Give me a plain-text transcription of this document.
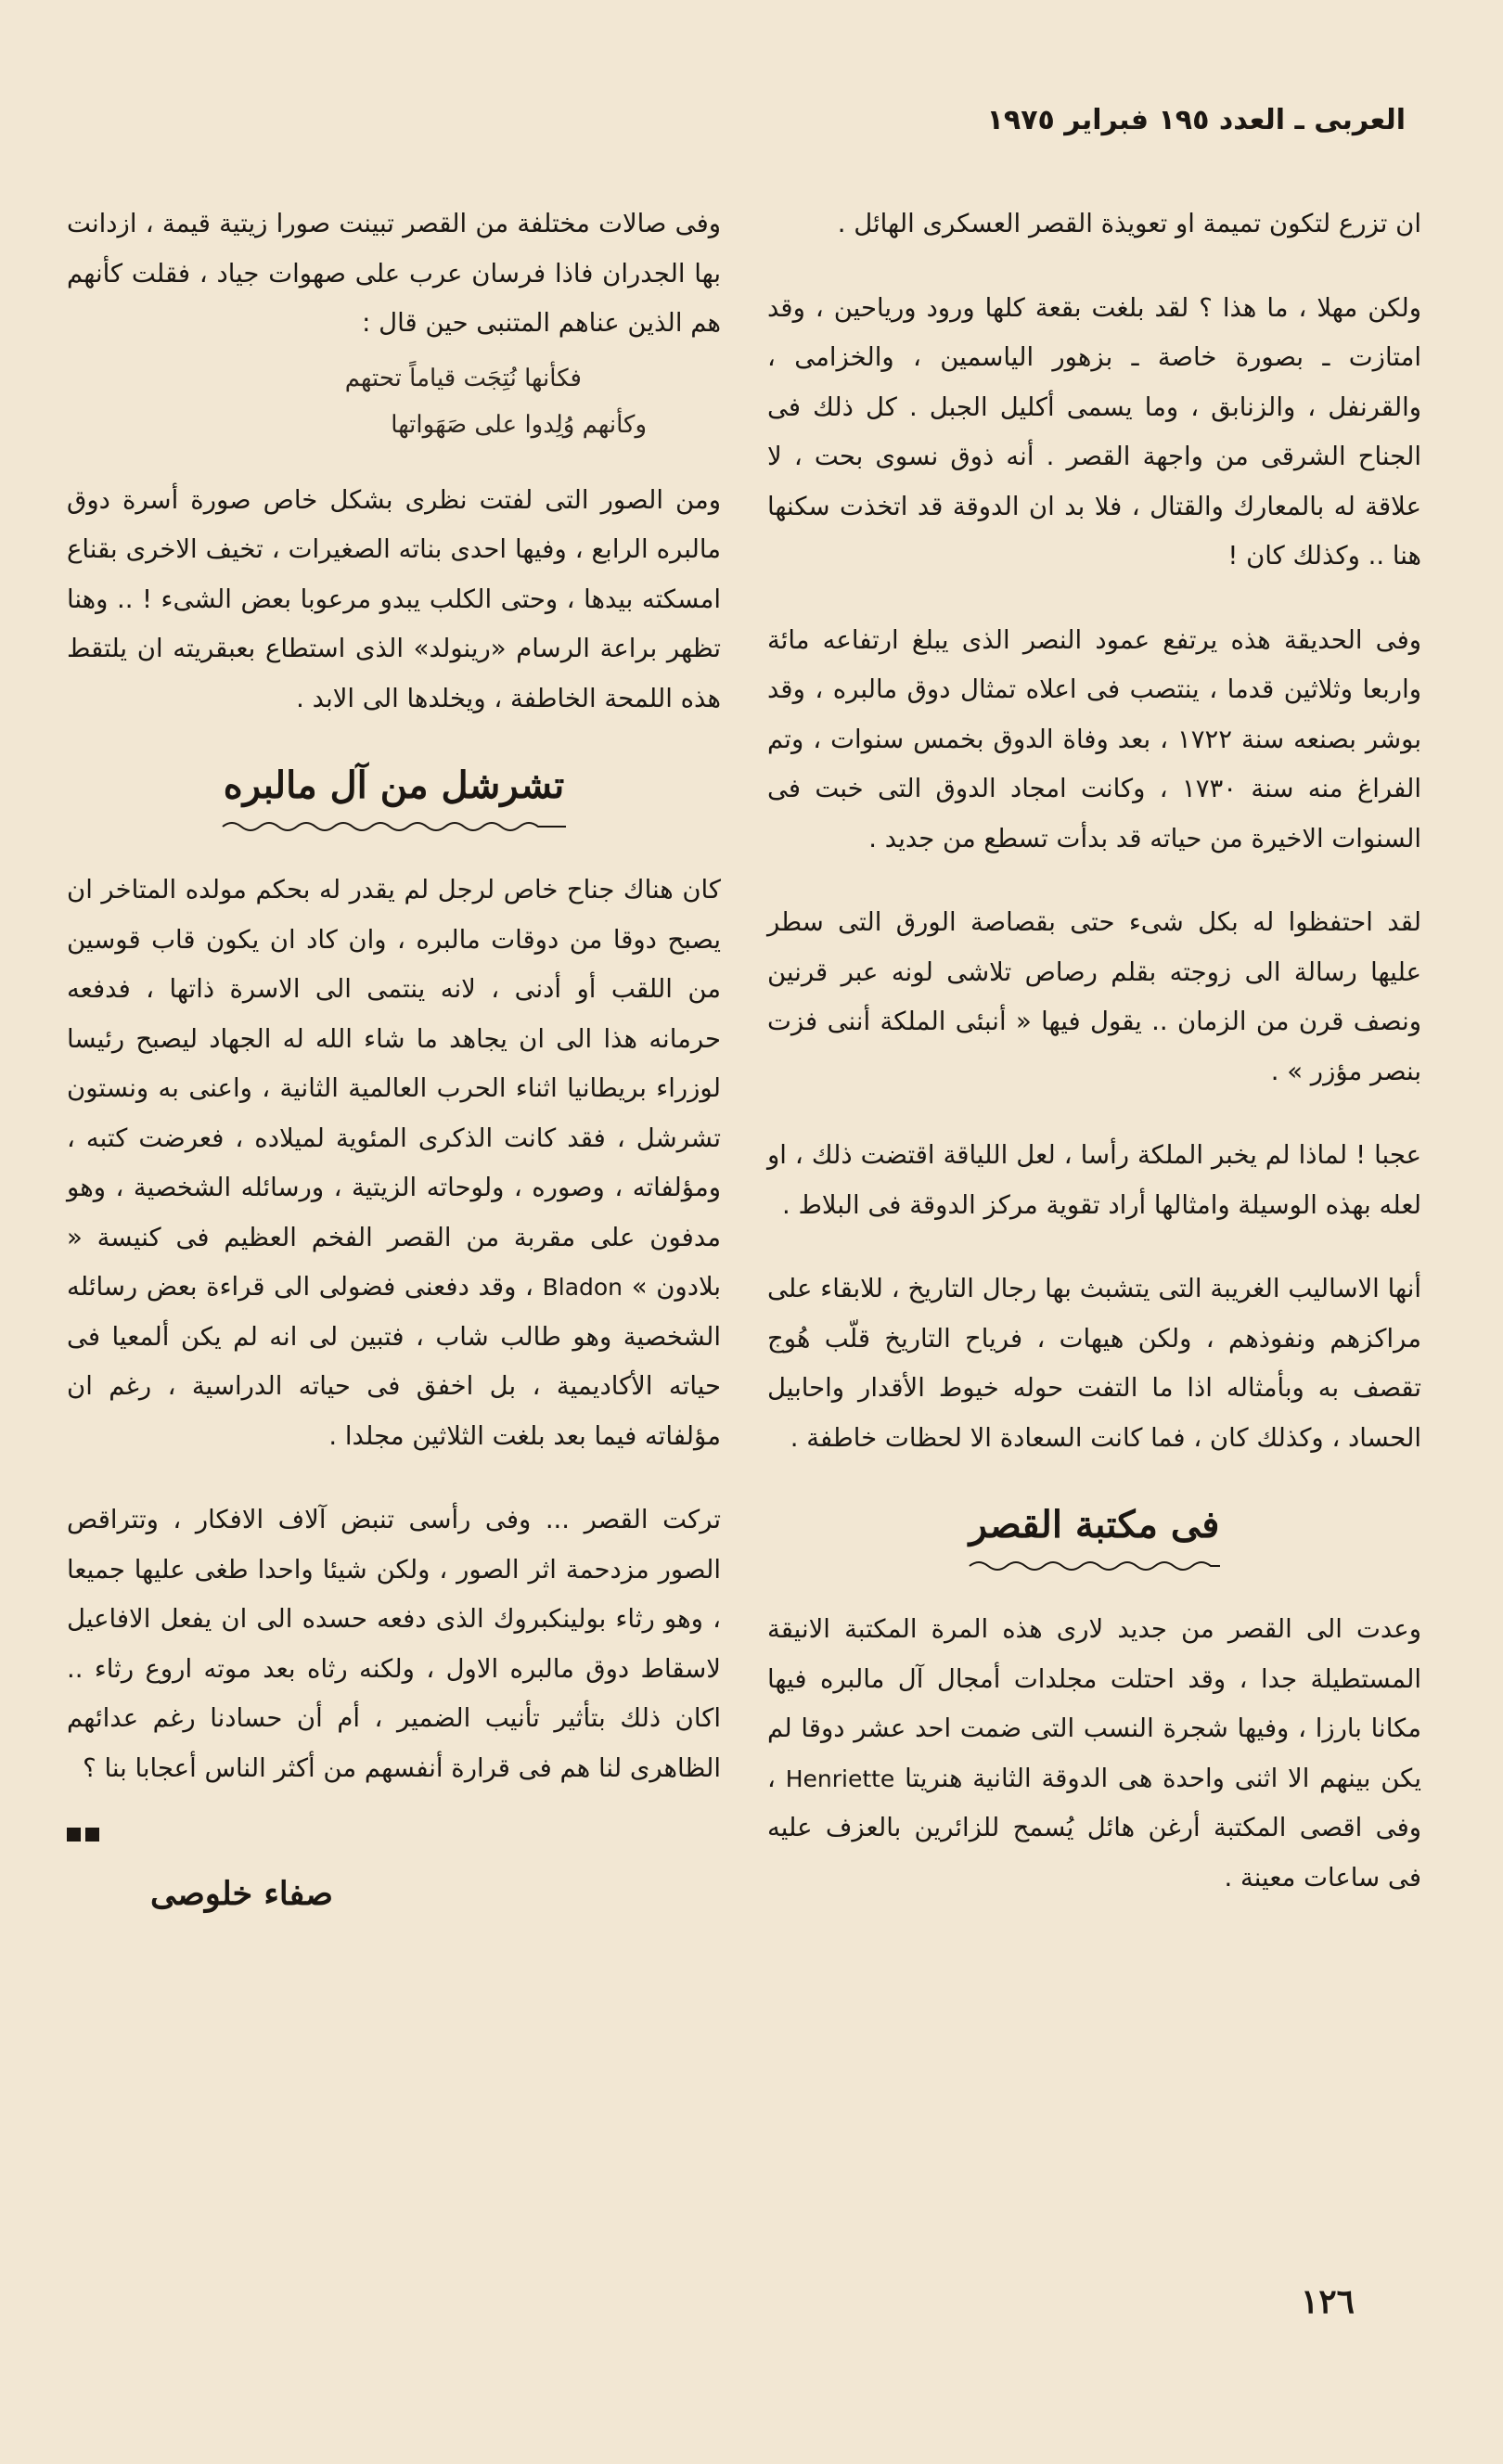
العربى ـ العدد ١٩٥ فبراير ١٩٧٥

ان تزرع لتكون تميمة او تعويذة القصر العسكرى الهائل .

ولكن مهلا ، ما هذا ؟ لقد بلغت بقعة كلها ورود ورياحين ، وقد امتازت ـ بصورة خاصة ـ بزهور الياسمين ، والخزامى ، والقرنفل ، والزنابق ، وما يسمى أكليل الجبل . كل ذلك فى الجناح الشرقى من واجهة القصر . أنه ذوق نسوى بحت ، لا علاقة له بالمعارك والقتال ، فلا بد ان الدوقة قد اتخذت سكنها هنا .. وكذلك كان !

وفى الحديقة هذه يرتفع عمود النصر الذى يبلغ ارتفاعه مائة واربعا وثلاثين قدما ، ينتصب فى اعلاه تمثال دوق مالبره ، وقد بوشر بصنعه سنة ١٧٢٢ ، بعد وفاة الدوق بخمس سنوات ، وتم الفراغ منه سنة ١٧٣٠ ، وكانت امجاد الدوق التى خبت فى السنوات الاخيرة من حياته قد بدأت تسطع من جديد .

لقد احتفظوا له بكل شىء حتى بقصاصة الورق التى سطر عليها رسالة الى زوجته بقلم رصاص تلاشى لونه عبر قرنين ونصف قرن من الزمان .. يقول فيها « أنبئى الملكة أننى فزت بنصر مؤزر » .

عجبا ! لماذا لم يخبر الملكة رأسا ، لعل اللياقة اقتضت ذلك ، او لعله بهذه الوسيلة وامثالها أراد تقوية مركز الدوقة فى البلاط .

أنها الاساليب الغريبة التى يتشبث بها رجال التاريخ ، للابقاء على مراكزهم ونفوذهم ، ولكن هيهات ، فرياح التاريخ قلّب هُوج تقصف به وبأمثاله اذا ما التفت حوله خيوط الأقدار واحابيل الحساد ، وكذلك كان ، فما كانت السعادة الا لحظات خاطفة .

فى مكتبة القصر

وعدت الى القصر من جديد لارى هذه المرة المكتبة الانيقة المستطيلة جدا ، وقد احتلت مجلدات أمجال آل مالبره فيها مكانا بارزا ، وفيها شجرة النسب التى ضمت احد عشر دوقا لم يكن بينهم الا اثنى واحدة هى الدوقة الثانية هنريتا Henriette ، وفى اقصى المكتبة أرغن هائل يُسمح للزائرين بالعزف عليه فى ساعات معينة .

وفى صالات مختلفة من القصر تبينت صورا زيتية قيمة ، ازدانت بها الجدران فاذا فرسان عرب على صهوات جياد ، فقلت كأنهم هم الذين عناهم المتنبى حين قال :

فكأنها نُتِجَت قياماً تحتهم
وكأنهم وُلِدوا على صَهَواتها

ومن الصور التى لفتت نظرى بشكل خاص صورة أسرة دوق مالبره الرابع ، وفيها احدى بناته الصغيرات ، تخيف الاخرى بقناع امسكته بيدها ، وحتى الكلب يبدو مرعوبا بعض الشىء ! .. وهنا تظهر براعة الرسام «رينولد» الذى استطاع بعبقريته ان يلتقط هذه اللمحة الخاطفة ، ويخلدها الى الابد .

تشرشل من آل مالبره

كان هناك جناح خاص لرجل لم يقدر له بحكم مولده المتاخر ان يصبح دوقا من دوقات مالبره ، وان كاد ان يكون قاب قوسين من اللقب أو أدنى ، لانه ينتمى الى الاسرة ذاتها ، فدفعه حرمانه هذا الى ان يجاهد ما شاء الله له الجهاد ليصبح رئيسا لوزراء بريطانيا اثناء الحرب العالمية الثانية ، واعنى به ونستون تشرشل ، فقد كانت الذكرى المئوية لميلاده ، فعرضت كتبه ، ومؤلفاته ، وصوره ، ولوحاته الزيتية ، ورسائله الشخصية ، وهو مدفون على مقربة من القصر الفخم العظيم فى كنيسة « بلادون » Bladon ، وقد دفعنى فضولى الى قراءة بعض رسائله الشخصية وهو طالب شاب ، فتبين لى انه لم يكن ألمعيا فى حياته الأكاديمية ، بل اخفق فى حياته الدراسية ، رغم ان مؤلفاته فيما بعد بلغت الثلاثين مجلدا .

تركت القصر ... وفى رأسى تنبض آلاف الافكار ، وتتراقص الصور مزدحمة اثر الصور ، ولكن شيئا واحدا طغى عليها جميعا ، وهو رثاء بولينكبروك الذى دفعه حسده الى ان يفعل الافاعيل لاسقاط دوق مالبره الاول ، ولكنه رثاه بعد موته اروع رثاء .. اكان ذلك بتأثير تأنيب الضمير ، أم أن حسادنا رغم عدائهم الظاهرى لنا هم فى قرارة أنفسهم من أكثر الناس أعجابا بنا ؟

صفاء خلوصى
١٢٦
